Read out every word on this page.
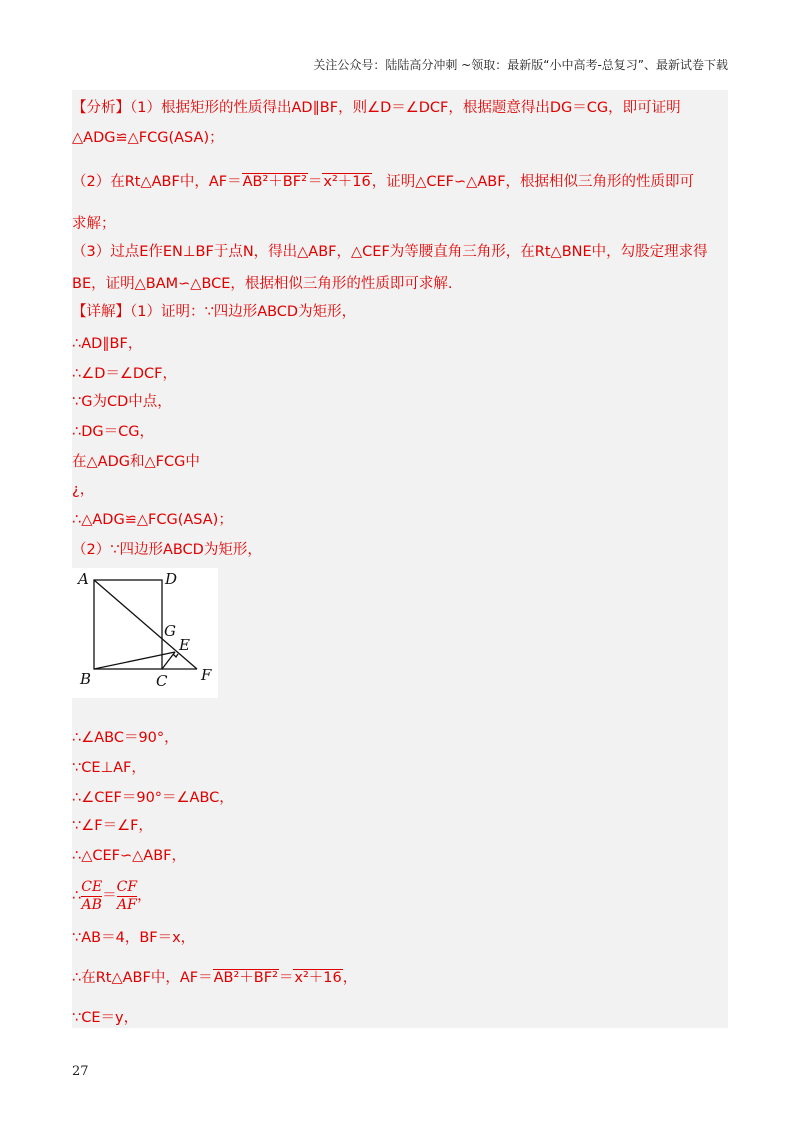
关注公众号：陆陆高分冲刺 ~领取：最新版“小中高考-总复习”、最新试卷下载
【分析】（1）根据矩形的性质得出AD∥BF，则∠D＝∠DCF，根据题意得出DG＝CG，即可证明
△ADG≌△FCG(ASA)；
（2）在Rt△ABF中，AF＝AB²＋BF²＝x²＋16，证明△CEF∽△ABF，根据相似三角形的性质即可
求解；
（3）过点E作EN⊥BF于点N，得出△ABF，△CEF为等腰直角三角形，在Rt△BNE中，勾股定理求得
BE，证明△BAM∽△BCE，根据相似三角形的性质即可求解.
【详解】（1）证明：∵四边形ABCD为矩形，
∴AD∥BF，
∴∠D＝∠DCF，
∵G为CD中点，
∴DG＝CG，
在△ADG和△FCG中
¿，
∴△ADG≌△FCG(ASA)；
（2）∵四边形ABCD为矩形，
A	D
G
E
B	C F
∴∠ABC＝90°，
∵CE⊥AF，
∴∠CEF＝90°＝∠ABC，
∵∠F＝∠F，
∴△CEF∽△ABF，
∴ $\frac{CE}{AB} = \frac{CF}{AF}$ ，
∵AB＝4，BF＝x，
∴在Rt△ABF中，AF＝AB²＋BF²＝x²＋16，
∵CE＝y，
27
